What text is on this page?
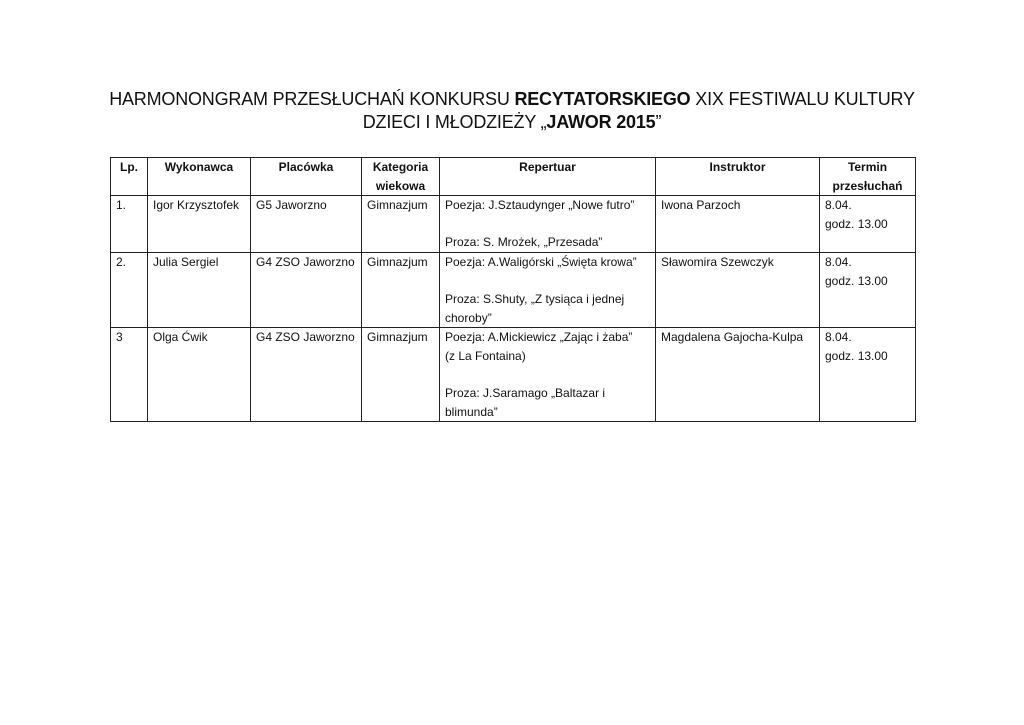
HARMONONGRAM PRZESŁUCHAŃ KONKURSU RECYTATORSKIEGO XIX FESTIWALU KULTURY
DZIECI I MŁODZIEŻY „JAWOR 2015”
Lp.	Wykonawca	Placówka	Kategoria
wiekowa	Repertuar	Instruktor	Termin
przesłuchań

1.	Igor Krzysztofek	G5 Jaworzno	Gimnazjum	Poezja: J.Sztaudynger „Nowe futro”
Proza: S. Mrożek, „Przesada”	Iwona Parzoch	8.04.
godz. 13.00

2.	Julia Sergiel	G4 ZSO Jaworzno	Gimnazjum	Poezja: A.Waligórski „Święta krowa”
Proza: S.Shuty, „Z tysiąca i jednej
choroby”	Sławomira Szewczyk	8.04.
godz. 13.00

3	Olga Ćwik	G4 ZSO Jaworzno	Gimnazjum	Poezja: A.Mickiewicz „Zając i żaba”
(z La Fontaina)
Proza: J.Saramago „Baltazar i
blimunda”	Magdalena Gajocha-Kulpa	8.04.
godz. 13.00
